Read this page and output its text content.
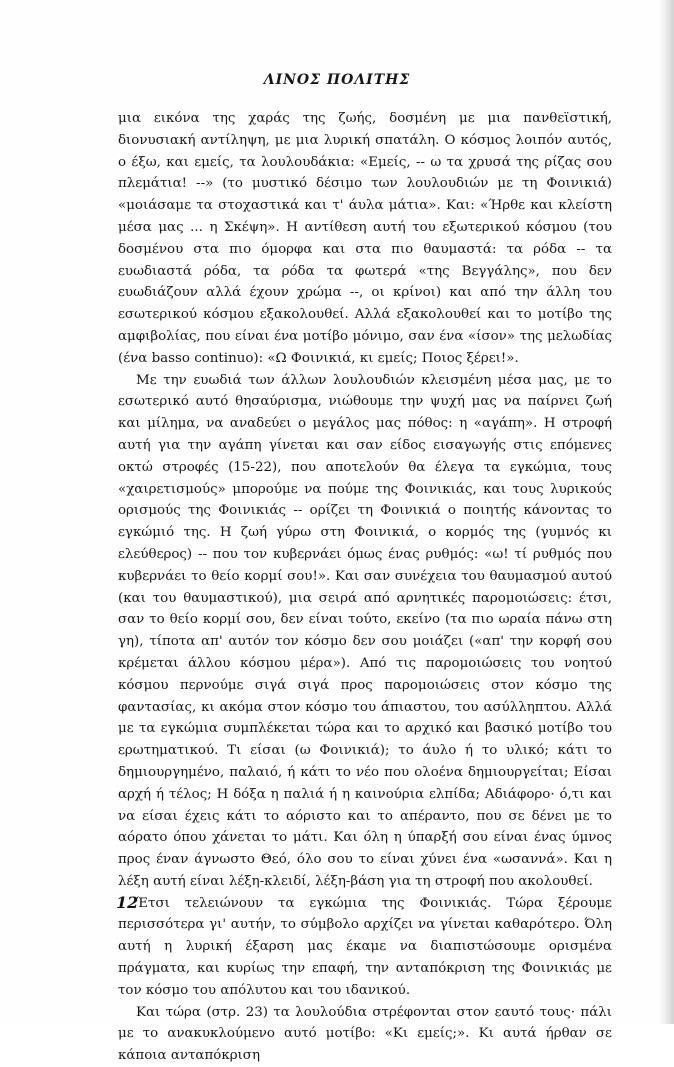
ΛΙΝΟΣ ΠΟΛΙΤΗΣ

μια εικόνα της χαράς της ζωής, δοσμένη με μια πανθεϊστική, διονυσιακή αντίληψη, με μια λυρική σπατάλη. Ο κόσμος λοιπόν αυτός, ο έξω, και εμείς, τα λουλουδάκια: «Εμείς, -- ω τα χρυσά της ρίζας σου πλεμάτια! --» (το μυστικό δέσιμο των λουλουδιών με τη Φοινικιά) «μοιάσαμε τα στοχαστικά και τ' άυλα μάτια». Και: «Ήρθε και κλείστη μέσα μας ... η Σκέψη». Η αντίθεση αυτή του εξωτερικού κόσμου (του δοσμένου στα πιο όμορφα και στα πιο θαυμαστά: τα ρόδα -- τα ευωδιαστά ρόδα, τα ρόδα τα φωτερά «της Βεγγάλης», που δεν ευωδιάζουν αλλά έχουν χρώμα --, οι κρίνοι) και από την άλλη του εσωτερικού κόσμου εξακολουθεί. Αλλά εξακολουθεί και το μοτίβο της αμφιβολίας, που είναι ένα μοτίβο μόνιμο, σαν ένα «ίσον» της μελωδίας (ένα basso continuo): «Ω Φοινικιά, κι εμείς; Ποιος ξέρει!».

Με την ευωδιά των άλλων λουλουδιών κλεισμένη μέσα μας, με το εσωτερικό αυτό θησαύρισμα, νιώθουμε την ψυχή μας να παίρνει ζωή και μίλημα, να αναδεύει ο μεγάλος μας πόθος: η «αγάπη». Η στροφή αυτή για την αγάπη γίνεται και σαν είδος εισαγωγής στις επόμενες οκτώ στροφές (15-22), που αποτελούν θα έλεγα τα εγκώμια, τους «χαιρετισμούς» μπορούμε να πούμε της Φοινικιάς, και τους λυρικούς ορισμούς της Φοινικιάς -- ορίζει τη Φοινικιά ο ποιητής κάνοντας το εγκώμιό της. Η ζωή γύρω στη Φοινικιά, ο κορμός της (γυμνός κι ελεύθερος) -- που τον κυβερνάει όμως ένας ρυθμός: «ω! τί ρυθμός που κυβερνάει το θείο κορμί σου!». Και σαν συνέχεια του θαυμασμού αυτού (και του θαυμαστικού), μια σειρά από αρνητικές παρομοιώσεις: έτσι, σαν το θείο κορμί σου, δεν είναι τούτο, εκείνο (τα πιο ωραία πάνω στη γη), τίποτα απ' αυτόν τον κόσμο δεν σου μοιάζει («απ' την κορφή σου κρέμεται άλλου κόσμου μέρα»). Από τις παρομοιώσεις του νοητού κόσμου περνούμε σιγά σιγά προς παρομοιώσεις στον κόσμο της φαντασίας, κι ακόμα στον κόσμο του άπιαστου, του ασύλληπτου. Αλλά με τα εγκώμια συμπλέκεται τώρα και το αρχικό και βασικό μοτίβο του ερωτηματικού. Τι είσαι (ω Φοινικιά); το άυλο ή το υλικό; κάτι το δημιουργημένο, παλαιό, ή κάτι το νέο που ολοένα δημιουργείται; Είσαι αρχή ή τέλος; Η δόξα η παλιά ή η καινούρια ελπίδα; Αδιάφορο· ό,τι και να είσαι έχεις κάτι το αόριστο και το απέραντο, που σε δένει με το αόρατο όπου χάνεται το μάτι. Και όλη η ύπαρξή σου είναι ένας ύμνος προς έναν άγνωστο Θεό, όλο σου το είναι χύνει ένα «ωσαννά». Και η λέξη αυτή είναι λέξη-κλειδί, λέξη-βάση για τη στροφή που ακολουθεί.

Έτσι τελειώνουν τα εγκώμια της Φοινικιάς. Τώρα ξέρουμε περισσότερα γι' αυτήν, το σύμβολο αρχίζει να γίνεται καθαρότερο. Όλη αυτή η λυρική έξαρση μας έκαμε να διαπιστώσουμε ορισμένα πράγματα, και κυρίως την επαφή, την ανταπόκριση της Φοινικιάς με τον κόσμο του απόλυτου και του ιδανικού.

Και τώρα (στρ. 23) τα λουλούδια στρέφονται στον εαυτό τους· πάλι με το ανακυκλούμενο αυτό μοτίβο: «Κι εμείς;». Κι αυτά ήρθαν σε κάποια ανταπόκριση

12
